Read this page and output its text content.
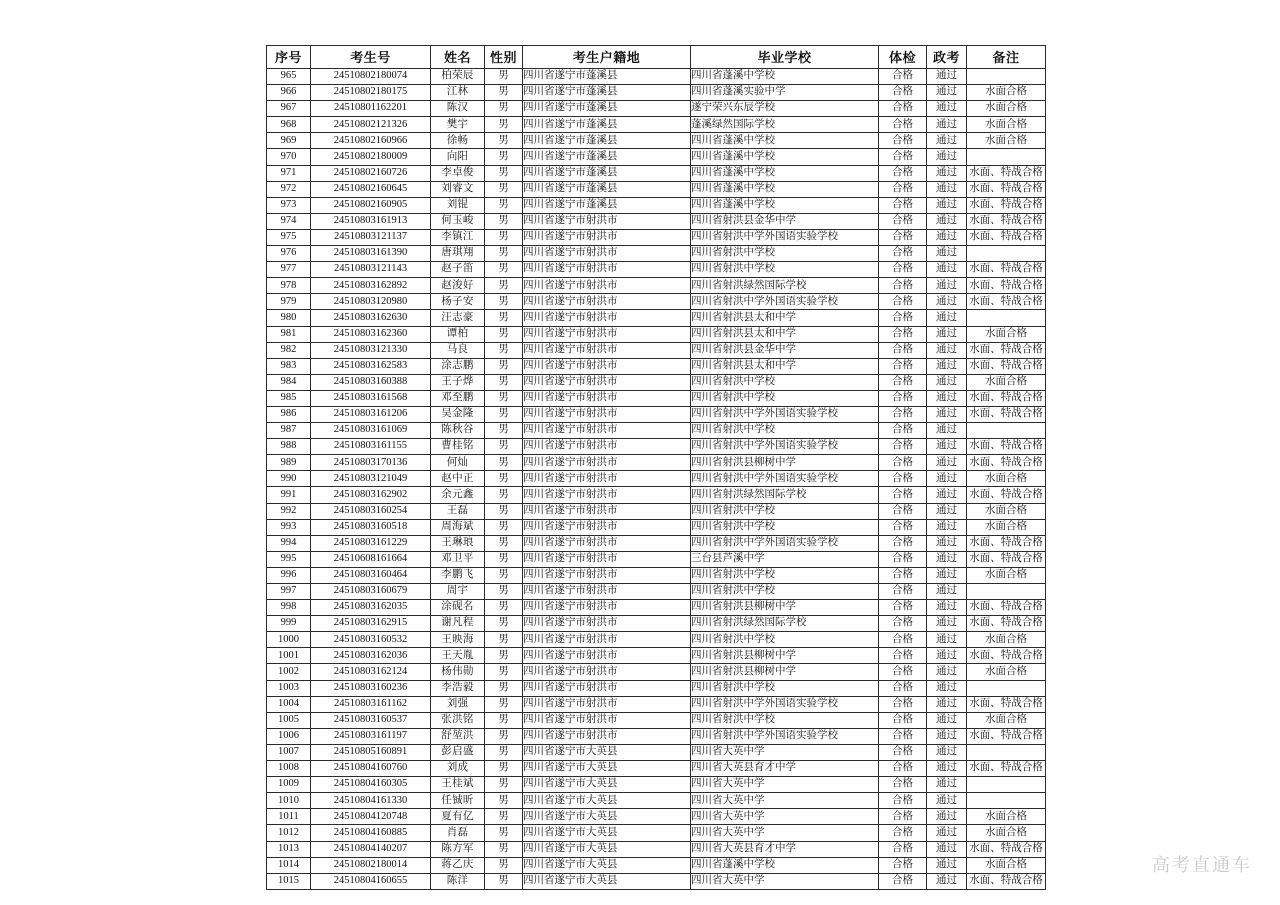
序号	考生号	姓名	性别	考生户籍地	毕业学校	体检	政考	备注
965	24510802180074	柏荣辰	男	四川省遂宁市蓬溪县	四川省蓬溪中学校	合格	通过	
966	24510802180175	江林	男	四川省遂宁市蓬溪县	四川省蓬溪实验中学	合格	通过	水面合格
967	24510801162201	陈汉	男	四川省遂宁市蓬溪县	遂宁荣兴东辰学校	合格	通过	水面合格
968	24510802121326	樊宇	男	四川省遂宁市蓬溪县	蓬溪绿然国际学校	合格	通过	水面合格
969	24510802160966	徐畅	男	四川省遂宁市蓬溪县	四川省蓬溪中学校	合格	通过	水面合格
970	24510802180009	向阳	男	四川省遂宁市蓬溪县	四川省蓬溪中学校	合格	通过	
971	24510802160726	李卓俊	男	四川省遂宁市蓬溪县	四川省蓬溪中学校	合格	通过	水面、特战合格
972	24510802160645	刘睿文	男	四川省遂宁市蓬溪县	四川省蓬溪中学校	合格	通过	水面、特战合格
973	24510802160905	刘锟	男	四川省遂宁市蓬溪县	四川省蓬溪中学校	合格	通过	水面、特战合格
974	24510803161913	何玉峻	男	四川省遂宁市射洪市	四川省射洪县金华中学	合格	通过	水面、特战合格
975	24510803121137	李镇江	男	四川省遂宁市射洪市	四川省射洪中学外国语实验学校	合格	通过	水面、特战合格
976	24510803161390	唐琪翔	男	四川省遂宁市射洪市	四川省射洪中学校	合格	通过	
977	24510803121143	赵子笛	男	四川省遂宁市射洪市	四川省射洪中学校	合格	通过	水面、特战合格
978	24510803162892	赵浚好	男	四川省遂宁市射洪市	四川省射洪绿然国际学校	合格	通过	水面、特战合格
979	24510803120980	杨子安	男	四川省遂宁市射洪市	四川省射洪中学外国语实验学校	合格	通过	水面、特战合格
980	24510803162630	汪志豪	男	四川省遂宁市射洪市	四川省射洪县太和中学	合格	通过	
981	24510803162360	谭柏	男	四川省遂宁市射洪市	四川省射洪县太和中学	合格	通过	水面合格
982	24510803121330	马良	男	四川省遂宁市射洪市	四川省射洪县金华中学	合格	通过	水面、特战合格
983	24510803162583	涂志鹏	男	四川省遂宁市射洪市	四川省射洪县太和中学	合格	通过	水面、特战合格
984	24510803160388	王子烨	男	四川省遂宁市射洪市	四川省射洪中学校	合格	通过	水面合格
985	24510803161568	邓至鹏	男	四川省遂宁市射洪市	四川省射洪中学校	合格	通过	水面、特战合格
986	24510803161206	吴金隆	男	四川省遂宁市射洪市	四川省射洪中学外国语实验学校	合格	通过	水面、特战合格
987	24510803161069	陈秋谷	男	四川省遂宁市射洪市	四川省射洪中学校	合格	通过	
988	24510803161155	曹桂铭	男	四川省遂宁市射洪市	四川省射洪中学外国语实验学校	合格	通过	水面、特战合格
989	24510803170136	何灿	男	四川省遂宁市射洪市	四川省射洪县柳树中学	合格	通过	水面、特战合格
990	24510803121049	赵中正	男	四川省遂宁市射洪市	四川省射洪中学外国语实验学校	合格	通过	水面合格
991	24510803162902	余元鑫	男	四川省遂宁市射洪市	四川省射洪绿然国际学校	合格	通过	水面、特战合格
992	24510803160254	王磊	男	四川省遂宁市射洪市	四川省射洪中学校	合格	通过	水面合格
993	24510803160518	周海斌	男	四川省遂宁市射洪市	四川省射洪中学校	合格	通过	水面合格
994	24510803161229	王琳琅	男	四川省遂宁市射洪市	四川省射洪中学外国语实验学校	合格	通过	水面、特战合格
995	24510608161664	邓卫平	男	四川省遂宁市射洪市	三台县芦溪中学	合格	通过	水面、特战合格
996	24510803160464	李鹏飞	男	四川省遂宁市射洪市	四川省射洪中学校	合格	通过	水面合格
997	24510803160679	周宇	男	四川省遂宁市射洪市	四川省射洪中学校	合格	通过	
998	24510803162035	涂砚名	男	四川省遂宁市射洪市	四川省射洪县柳树中学	合格	通过	水面、特战合格
999	24510803162915	谢凡程	男	四川省遂宁市射洪市	四川省射洪绿然国际学校	合格	通过	水面、特战合格
1000	24510803160532	王映海	男	四川省遂宁市射洪市	四川省射洪中学校	合格	通过	水面合格
1001	24510803162036	王天胤	男	四川省遂宁市射洪市	四川省射洪县柳树中学	合格	通过	水面、特战合格
1002	24510803162124	杨伟勋	男	四川省遂宁市射洪市	四川省射洪县柳树中学	合格	通过	水面合格
1003	24510803160236	李浩毅	男	四川省遂宁市射洪市	四川省射洪中学校	合格	通过	
1004	24510803161162	刘强	男	四川省遂宁市射洪市	四川省射洪中学外国语实验学校	合格	通过	水面、特战合格
1005	24510803160537	张洪铭	男	四川省遂宁市射洪市	四川省射洪中学校	合格	通过	水面合格
1006	24510803161197	舒堃洪	男	四川省遂宁市射洪市	四川省射洪中学外国语实验学校	合格	通过	水面、特战合格
1007	24510805160891	彭启盛	男	四川省遂宁市大英县	四川省大英中学	合格	通过	
1008	24510804160760	刘成	男	四川省遂宁市大英县	四川省大英县育才中学	合格	通过	水面、特战合格
1009	24510804160305	王桂斌	男	四川省遂宁市大英县	四川省大英中学	合格	通过	
1010	24510804161330	任铖昕	男	四川省遂宁市大英县	四川省大英中学	合格	通过	
1011	24510804120748	夏有亿	男	四川省遂宁市大英县	四川省大英中学	合格	通过	水面合格
1012	24510804160885	肖磊	男	四川省遂宁市大英县	四川省大英中学	合格	通过	水面合格
1013	24510804140207	陈方军	男	四川省遂宁市大英县	四川省大英县育才中学	合格	通过	水面、特战合格
1014	24510802180014	蒋乙庆	男	四川省遂宁市大英县	四川省蓬溪中学校	合格	通过	水面合格
1015	24510804160655	陈洋	男	四川省遂宁市大英县	四川省大英中学	合格	通过	水面、特战合格
高考直通车
